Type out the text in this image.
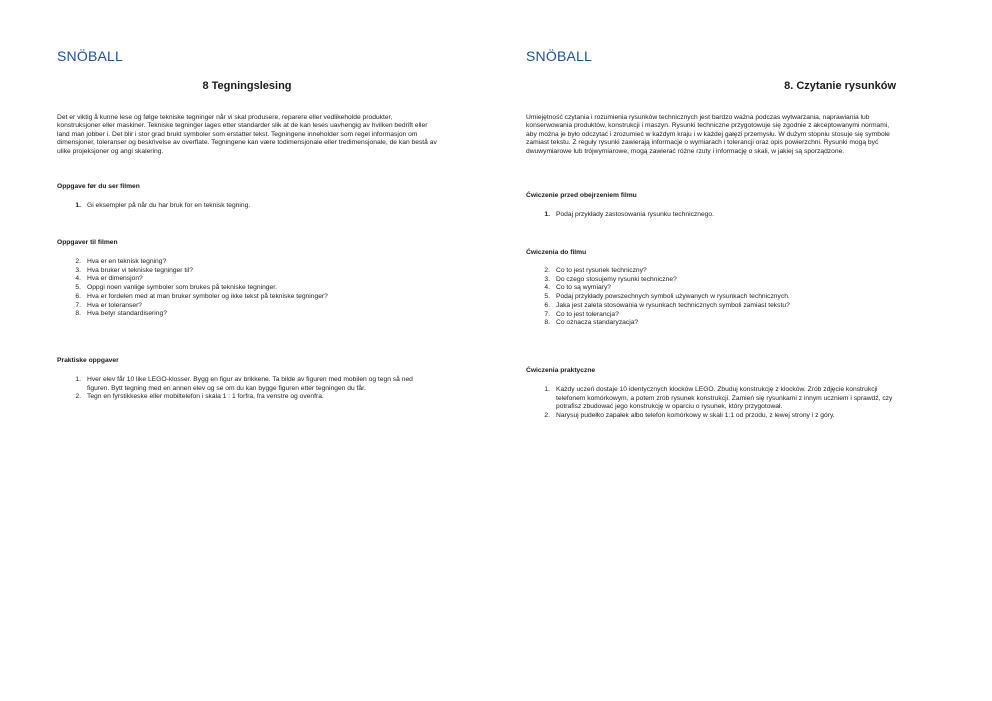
SNÖBALL
8 Tegningslesing

Det er viktig å kunne lese og følge tekniske tegninger når vi skal produsere, reparere eller vedlikeholde produkter, konstruksjoner eller maskiner. Tekniske tegninger lages etter standarder slik at de kan leses uavhengig av hvilken bedrift eller land man jobber i. Det blir i stor grad brukt symboler som erstatter tekst. Tegningene inneholder som regel informasjon om dimensjoner, toleranser og beskrivelse av overflate. Tegningene kan være todimensjonale eller tredimensjonale, de kan bestå av ulike projeksjoner og angi skalering.

Oppgave før du ser filmen

1. Gi eksempler på når du har bruk for en teknisk tegning.

Oppgaver til filmen

2. Hva er en teknisk tegning?
3. Hva bruker vi tekniske tegninger til?
4. Hva er dimensjon?
5. Oppgi noen vanlige symboler som brukes på tekniske tegninger.
6. Hva er fordelen med at man bruker symboler og ikke tekst på tekniske tegninger?
7. Hva er toleranser?
8. Hva betyr standardisering?

Praktiske oppgaver

1. Hver elev får 10 like LEGO-klosser. Bygg en figur av brikkene. Ta bilde av figuren med mobilen og tegn så ned figuren. Bytt tegning med en annen elev og se om du kan bygge figuren etter tegningen du får.
2. Tegn en fyrstikkeske eller mobiltelefon i skala 1 : 1 forfra, fra venstre og ovenfra.
SNÖBALL
8. Czytanie rysunków

Umiejętność czytania i rozumienia rysunków technicznych jest bardzo ważna podczas wytwarzania, naprawiania lub konserwowania produktów, konstrukcji i maszyn. Rysunki techniczne przygotowuje się zgodnie z akceptowanymi normami, aby można je było odczytać i zrozumieć w każdym kraju i w każdej gałęzi przemysłu. W dużym stopniu stosuje się symbole zamiast tekstu. Z reguły rysunki zawierają informacje o wymiarach i tolerancji oraz opis powierzchni. Rysunki mogą być dwuwymiarowe lub trójwymiarowe, mogą zawierać różne rzuty i informację o skali, w jakiej są sporządzone.

Ćwiczenie przed obejrzeniem filmu

1. Podaj przykłady zastosowania rysunku technicznego.

Ćwiczenia do filmu

2. Co to jest rysunek techniczny?
3. Do czego stosujemy rysunki techniczne?
4. Co to są wymiary?
5. Podaj przykłady powszechnych symboli używanych w rysunkach technicznych.
6. Jaka jest zaleta stosowania w rysunkach technicznych symboli zamiast tekstu?
7. Co to jest tolerancja?
8. Co oznacza standaryzacja?

Ćwiczenia praktyczne

1. Każdy uczeń dostaje 10 identycznych klocków LEGO. Zbuduj konstrukcję z klocków. Zrób zdjęcie konstrukcji telefonem komórkowym, a potem zrób rysunek konstrukcji. Zamień się rysunkami z innym uczniem i sprawdź, czy potrafisz zbudować jego konstrukcję w oparciu o rysunek, który przygotował.
2. Narysuj pudełko zapałek albo telefon komórkowy w skali 1:1 od przodu, z lewej strony i z góry.
